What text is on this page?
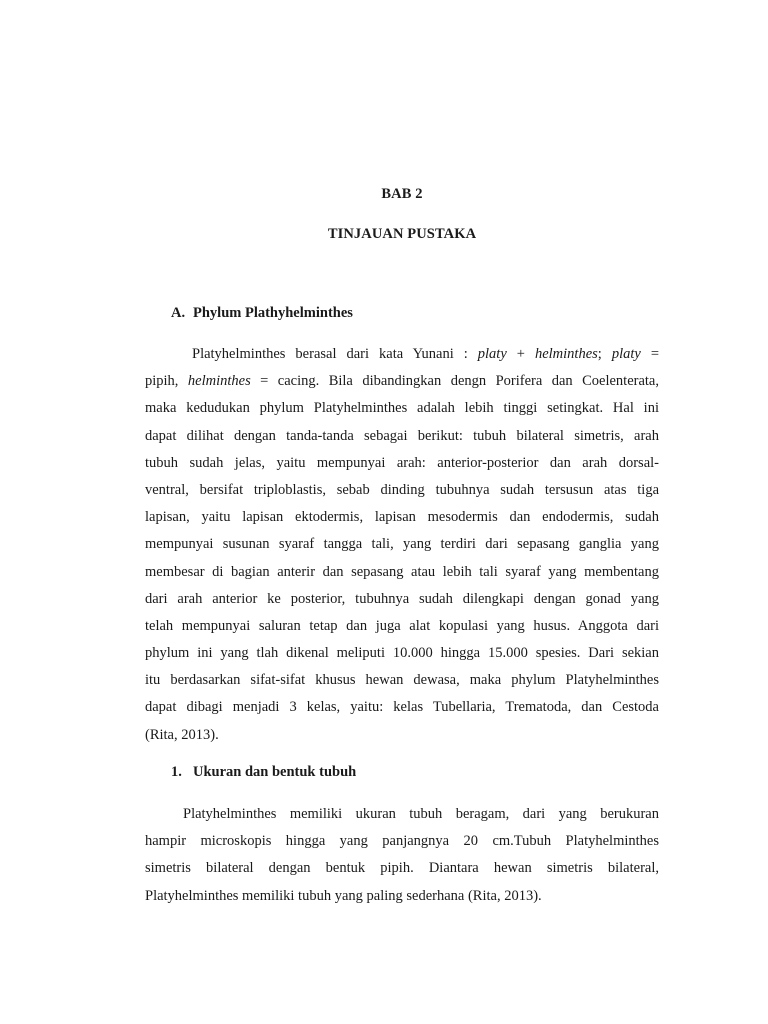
BAB 2
TINJAUAN PUSTAKA
A. Phylum Plathyhelminthes
Platyhelminthes berasal dari kata Yunani : platy + helminthes; platy =
pipih, helminthes = cacing. Bila dibandingkan dengn Porifera dan Coelenterata,
maka kedudukan phylum Platyhelminthes adalah lebih tinggi setingkat. Hal ini
dapat dilihat dengan tanda-tanda sebagai berikut: tubuh bilateral simetris, arah
tubuh sudah jelas, yaitu mempunyai arah: anterior-posterior dan arah dorsal-
ventral, bersifat triploblastis, sebab dinding tubuhnya sudah tersusun atas tiga
lapisan, yaitu lapisan ektodermis, lapisan mesodermis dan endodermis, sudah
mempunyai susunan syaraf tangga tali, yang terdiri dari sepasang ganglia yang
membesar di bagian anterir dan sepasang atau lebih tali syaraf yang membentang
dari arah anterior ke posterior, tubuhnya sudah dilengkapi dengan gonad yang
telah mempunyai saluran tetap dan juga alat kopulasi yang husus. Anggota dari
phylum ini yang tlah dikenal meliputi 10.000 hingga 15.000 spesies. Dari sekian
itu berdasarkan sifat-sifat khusus hewan dewasa, maka phylum Platyhelminthes
dapat dibagi menjadi 3 kelas, yaitu: kelas Tubellaria, Trematoda, dan Cestoda
(Rita, 2013).
1. Ukuran dan bentuk tubuh
Platyhelminthes memiliki ukuran tubuh beragam, dari yang berukuran
hampir microskopis hingga yang panjangnya 20 cm.Tubuh Platyhelminthes
simetris bilateral dengan bentuk pipih. Diantara hewan simetris bilateral,
Platyhelminthes memiliki tubuh yang paling sederhana (Rita, 2013).
